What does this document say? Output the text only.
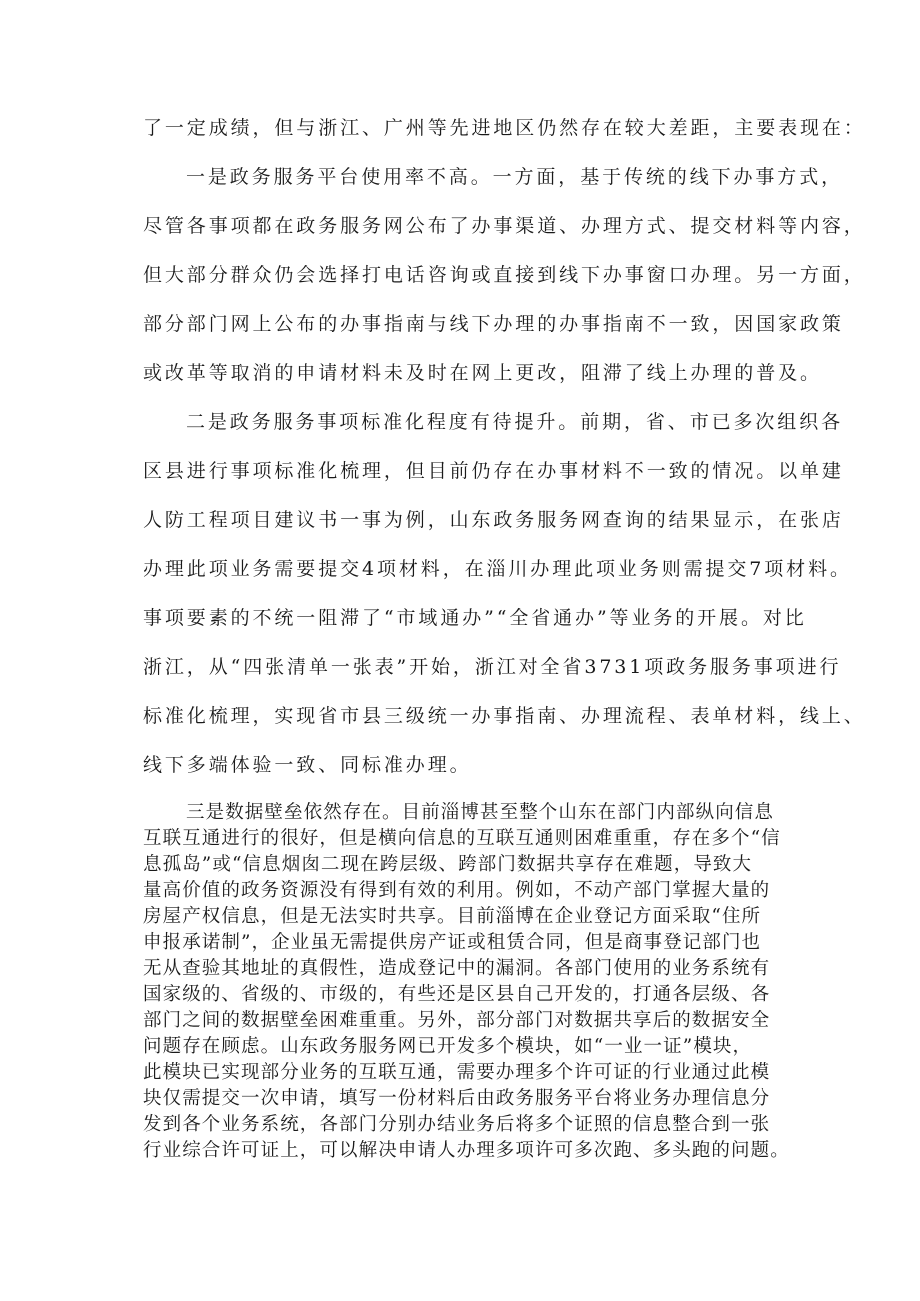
了一定成绩，但与浙江、广州等先进地区仍然存在较大差距，主要表现在：

一是政务服务平台使用率不高。一方面，基于传统的线下办事方式，

尽管各事项都在政务服务网公布了办事渠道、办理方式、提交材料等内容，

但大部分群众仍会选择打电话咨询或直接到线下办事窗口办理。另一方面，

部分部门网上公布的办事指南与线下办理的办事指南不一致，因国家政策

或改革等取消的申请材料未及时在网上更改，阻滞了线上办理的普及。

二是政务服务事项标准化程度有待提升。前期，省、市已多次组织各

区县进行事项标准化梳理，但目前仍存在办事材料不一致的情况。以单建

人防工程项目建议书一事为例，山东政务服务网查询的结果显示，在张店

办理此项业务需要提交4项材料，在淄川办理此项业务则需提交7项材料。

事项要素的不统一阻滞了“市域通办”“全省通办”等业务的开展。对比

浙江，从“四张清单一张表”开始，浙江对全省3731项政务服务事项进行

标准化梳理，实现省市县三级统一办事指南、办理流程、表单材料，线上、

线下多端体验一致、同标准办理。

三是数据壁垒依然存在。目前淄博甚至整个山东在部门内部纵向信息

互联互通进行的很好，但是横向信息的互联互通则困难重重，存在多个“信

息孤岛”或“信息烟囱二现在跨层级、跨部门数据共享存在难题，导致大

量高价值的政务资源没有得到有效的利用。例如，不动产部门掌握大量的

房屋产权信息，但是无法实时共享。目前淄博在企业登记方面采取“住所

申报承诺制”，企业虽无需提供房产证或租赁合同，但是商事登记部门也

无从查验其地址的真假性，造成登记中的漏洞。各部门使用的业务系统有

国家级的、省级的、市级的，有些还是区县自己开发的，打通各层级、各

部门之间的数据壁垒困难重重。另外，部分部门对数据共享后的数据安全

问题存在顾虑。山东政务服务网已开发多个模块，如“一业一证”模块，

此模块已实现部分业务的互联互通，需要办理多个许可证的行业通过此模

块仅需提交一次申请，填写一份材料后由政务服务平台将业务办理信息分

发到各个业务系统，各部门分别办结业务后将多个证照的信息整合到一张

行业综合许可证上，可以解决申请人办理多项许可多次跑、多头跑的问题。
